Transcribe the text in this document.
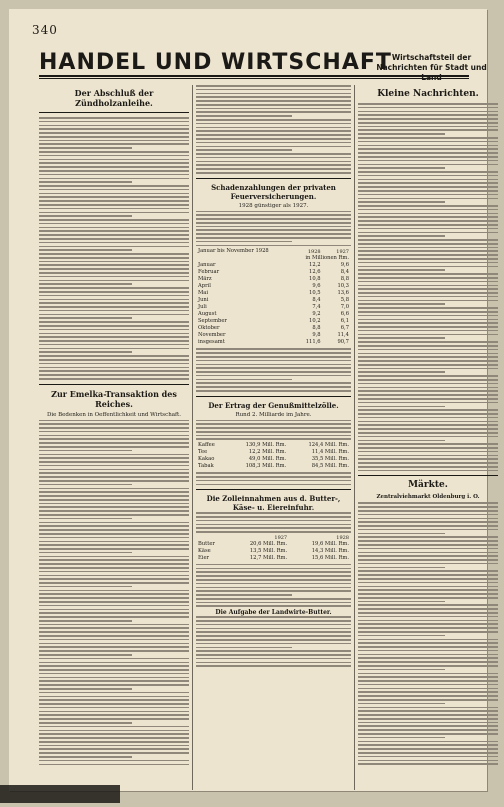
340
HANDEL UND WIRTSCHAFT Wirtschaftsteil der Nachrichten für Stadt und
Der Abschluß der Zündholzanleihe.
Zur Emelka-Transaktion des Reiches.
Die Bedenken in Oeffentlichkeit und Wirtschaft.
Schadenzahlungen der privaten Feuerversicherungen.
1928 günstiger als 1927.
Januar bis November 1928	1928	1927
	in Millionen Rm.	
Januar	12,2	9,6
Februar	12,6	8,4
März	10,8	8,8
April	9,6	10,3
Mai	10,5	13,6
Juni	8,4	5,8
Juli	7,4	7,0
August	9,2	6,6
September	10,2	6,1
Oktober	8,8	6,7
November	9,8	11,4
insgesamt	111,6	90,7
Der Ertrag der Genußmittelzölle.
Rund 2. Milliarde im Jahre.
Kaffee	130,9 Mill. Rm.	124,4 Mill. Rm.
Tee	12,2 Mill. Rm.	11,4 Mill. Rm.
Kakao	49,0 Mill. Rm.	35,5 Mill. Rm.
Tabak	108,3 Mill. Rm.	84,5 Mill. Rm.
Die Zolleinnahmen aus d. Butter-, Käse- u. Eiereinfuhr.
	1927	1928
Butter	20,6 Mill. Rm.	19,6 Mill. Rm.
Käse	13,5 Mill. Rm.	14,3 Mill. Rm.
Eier	12,7 Mill. Rm.	15,6 Mill. Rm.
Die Aufgabe der Landwirte-Butter.
Kleine Nachrichten.
Märkte.
Zentralviehmarkt Oldenburg i. O.
